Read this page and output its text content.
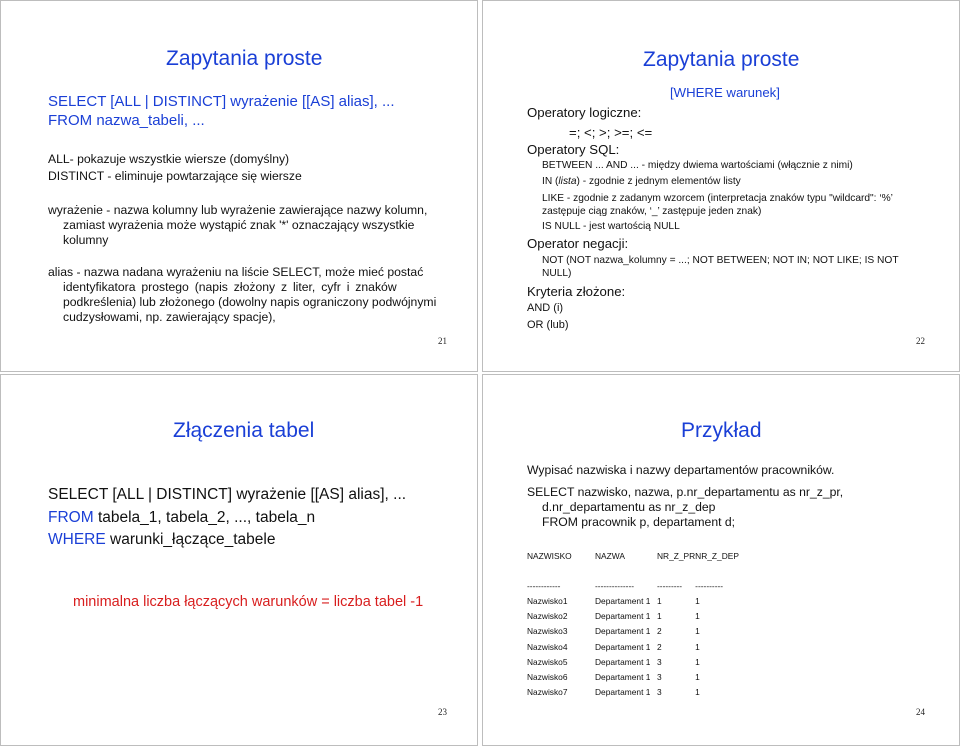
Zapytania proste
SELECT [ALL | DISTINCT] wyrażenie [[AS] alias], ...
FROM nazwa_tabeli, ...
ALL- pokazuje wszystkie wiersze (domyślny)
DISTINCT - eliminuje powtarzające się wiersze
wyrażenie - nazwa kolumny lub wyrażenie zawierające nazwy kolumn,
zamiast wyrażenia może wystąpić znak '*' oznaczający wszystkie
kolumny
alias - nazwa nadana wyrażeniu na liście SELECT, może mieć postać
identyfikatora prostego (napis złożony z liter, cyfr i znaków
podkreślenia) lub złożonego (dowolny napis ograniczony podwójnymi
cudzysłowami, np. zawierający spacje),
21
Zapytania proste
[WHERE warunek]
Operatory logiczne:
=; <; >; >=; <=
Operatory SQL:
BETWEEN ... AND ... - między dwiema wartościami (włącznie z nimi)
IN (lista) - zgodnie z jednym elementów listy
LIKE - zgodnie z zadanym wzorcem (interpretacja znaków typu "wildcard": ‘%’
zastępuje ciąg znaków, ‘_’ zastępuje jeden znak)
IS NULL - jest wartością NULL
Operator negacji:
NOT (NOT nazwa_kolumny = ...; NOT BETWEEN; NOT IN; NOT LIKE; IS NOT
NULL)
Kryteria złożone:
AND (i)
OR (lub)
22
Złączenia tabel
SELECT [ALL | DISTINCT] wyrażenie [[AS] alias], ...
FROM tabela_1, tabela_2, ..., tabela_n
WHERE warunki_łączące_tabele
minimalna liczba łączących warunków = liczba tabel -1
23
Przykład
Wypisać nazwiska i nazwy departamentów pracowników.
SELECT nazwisko, nazwa, p.nr_departamentu as nr_z_pr,
d.nr_departamentu as nr_z_dep
FROM pracownik p, departament d;
NAZWISKO	NAZWA	NR_Z_PR	NR_Z_DEP
------------	--------------	---------	----------
Nazwisko1	Departament 1	1	1
Nazwisko2	Departament 1	1	1
Nazwisko3	Departament 1	2	1
Nazwisko4	Departament 1	2	1
Nazwisko5	Departament 1	3	1
Nazwisko6	Departament 1	3	1
Nazwisko7	Departament 1	3	1
24
